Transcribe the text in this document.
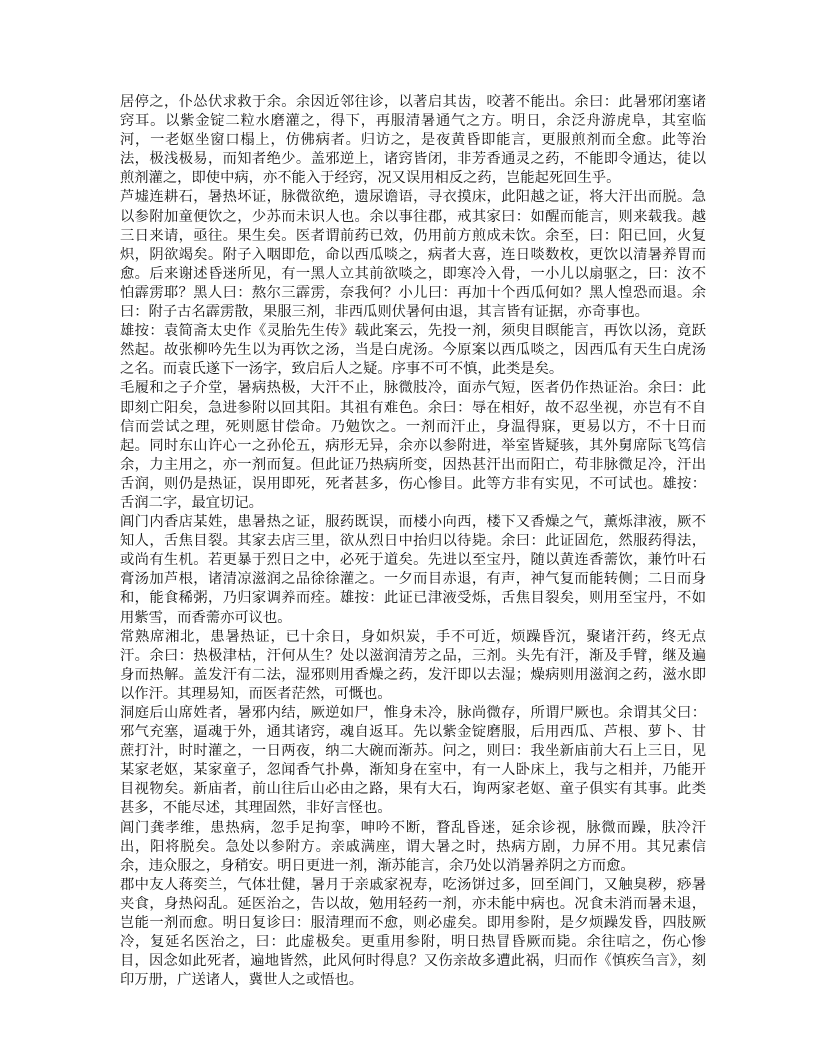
居停之，仆怂伏求救于余。余因近邻往诊，以著启其齿，咬著不能出。余曰：此暑邪闭塞诸窍耳。以紫金锭二粒水磨灌之，得下，再服清暑通气之方。明日，余泛舟游虎阜，其室临河，一老妪坐窗口榻上，仿佛病者。归访之，是夜黄昏即能言，更服煎剂而全愈。此等治法，极浅极易，而知者绝少。盖邪逆上，诸窍皆闭，非芳香通灵之药，不能即令通达，徒以煎剂灌之，即使中病，亦不能入于经窍，况又误用相反之药，岂能起死回生乎。

芦墟连耕石，暑热坏证，脉微欲绝，遗尿谵语，寻衣摸床，此阳越之证，将大汗出而脱。急以参附加童便饮之，少苏而未识人也。余以事往郡，戒其家曰：如醒而能言，则来载我。越三日来请，亟往。果生矣。医者谓前药已效，仍用前方煎成未饮。余至，曰：阳已回，火复炽，阴欲竭矣。附子入咽即危，命以西瓜啖之，病者大喜，连日啖数枚，更饮以清暑养胃而愈。后来谢述昏迷所见，有一黑人立其前欲啖之，即寒冷入骨，一小儿以扇驱之，曰：汝不怕霹雳耶？黑人曰：熬尔三霹雳，奈我何？小儿曰：再加十个西瓜何如？黑人惶恐而退。余曰：附子古名霹雳散，果服三剂，非西瓜则伏暑何由退，其言皆有证据，亦奇事也。

雄按：袁简斋太史作《灵胎先生传》载此案云，先投一剂，须臾目瞑能言，再饮以汤，竟跃然起。故张柳吟先生以为再饮之汤，当是白虎汤。今原案以西瓜啖之，因西瓜有天生白虎汤之名。而袁氏遂下一汤字，致启后人之疑。序事不可不慎，此类是矣。

毛履和之子介堂，暑病热极，大汗不止，脉微肢冷，面赤气短，医者仍作热证治。余曰：此即刻亡阳矣，急进参附以回其阳。其祖有难色。余曰：辱在相好，故不忍坐视，亦岂有不自信而尝试之理，死则愿甘偿命。乃勉饮之。一剂而汗止，身温得寐，更易以方，不十日而起。同时东山许心一之孙伦五，病形无异，余亦以参附进，举室皆疑骇，其外舅席际飞笃信余，力主用之，亦一剂而复。但此证乃热病所变，因热甚汗出而阳亡，苟非脉微足冷，汗出舌润，则仍是热证，误用即死，死者甚多，伤心惨目。此等方非有实见，不可试也。雄按：舌润二字，最宜切记。

阊门内香店某姓，患暑热之证，服药既误，而楼小向西，楼下又香燥之气，薰烁津液，厥不知人，舌焦目裂。其家去店三里，欲从烈日中抬归以待毙。余曰：此证固危，然服药得法，或尚有生机。若更暴于烈日之中，必死于道矣。先进以至宝丹，随以黄连香薷饮，兼竹叶石膏汤加芦根，诸清凉滋润之品徐徐灌之。一夕而目赤退，有声，神气复而能转侧；二日而身和，能食稀粥，乃归家调养而痊。雄按：此证已津液受烁，舌焦目裂矣，则用至宝丹，不如用紫雪，而香薷亦可议也。

常熟席湘北，患暑热证，已十余日，身如炽炭，手不可近，烦躁昏沉，聚诸汗药，终无点汗。余曰：热极津枯，汗何从生？处以滋润清芳之品，三剂。头先有汗，渐及手臂，继及遍身而热解。盖发汗有二法，湿邪则用香燥之药，发汗即以去湿；燥病则用滋润之药，滋水即以作汗。其理易知，而医者茫然，可慨也。

洞庭后山席姓者，暑邪内结，厥逆如尸，惟身未冷，脉尚微存，所谓尸厥也。余谓其父曰：邪气充塞，逼魂于外，通其诸窍，魂自返耳。先以紫金锭磨服，后用西瓜、芦根、萝卜、甘蔗打汁，时时灌之，一日两夜，纳二大碗而渐苏。问之，则曰：我坐新庙前大石上三日，见某家老妪，某家童子，忽闻香气扑鼻，渐知身在室中，有一人卧床上，我与之相并，乃能开目视物矣。新庙者，前山往后山必由之路，果有大石，询两家老妪、童子俱实有其事。此类甚多，不能尽述，其理固然，非好言怪也。

阊门龚孝维，患热病，忽手足拘挛，呻吟不断，瞀乱昏迷，延余诊视，脉微而躁，肤冷汗出，阳将脱矣。急处以参附方。亲戚满座，谓大暑之时，热病方剧，力屏不用。其兄素信余，违众服之，身稍安。明日更进一剂，渐苏能言，余乃处以消暑养阴之方而愈。

郡中友人蒋奕兰，气体壮健，暑月于亲戚家祝寿，吃汤饼过多，回至阊门，又触臭秽，痧暑夹食，身热闷乱。延医治之，告以故，勉用轻药一剂，亦未能中病也。况食未消而暑未退，岂能一剂而愈。明日复诊曰：服清理而不愈，则必虚矣。即用参附，是夕烦躁发昏，四肢厥冷，复延名医治之，曰：此虚极矣。更重用参附，明日热冒昏厥而毙。余往唁之，伤心惨目，因念如此死者，遍地皆然，此风何时得息？又伤亲故多遭此祸，归而作《慎疾刍言》，刻印万册，广送诸人，冀世人之或悟也。
